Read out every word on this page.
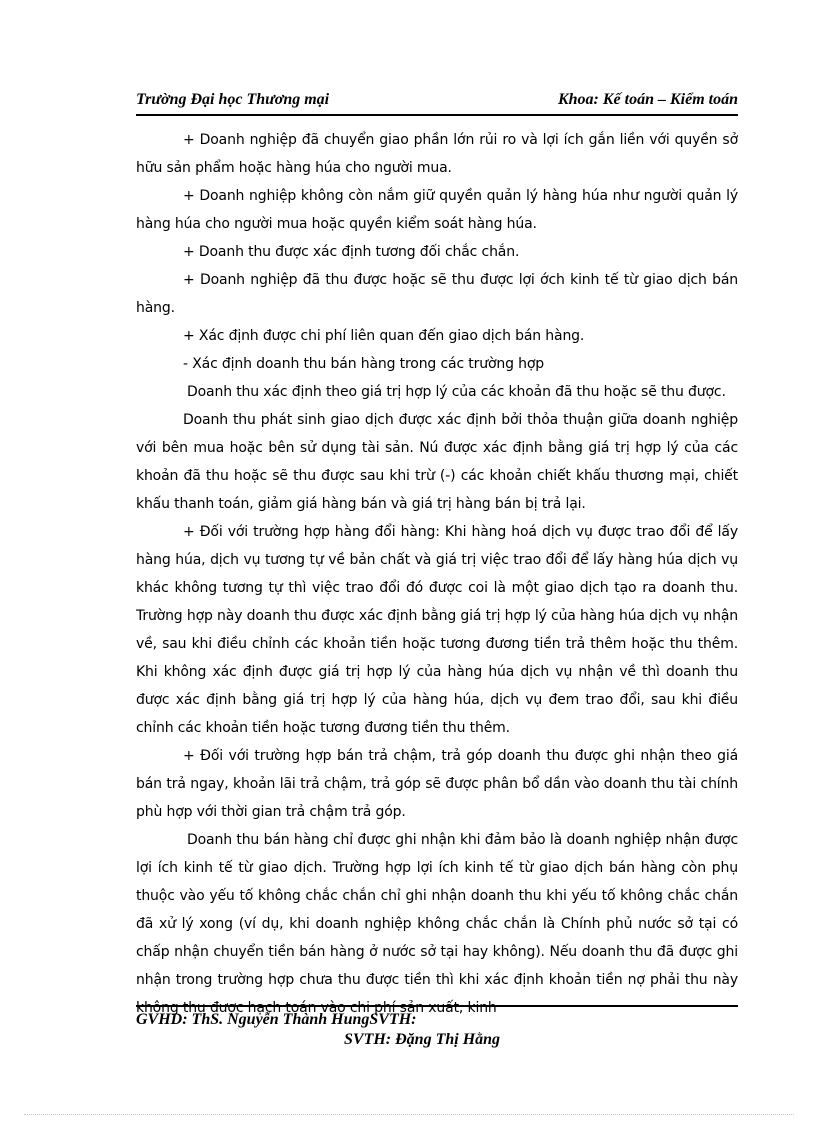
Trường Đại học Thương mại	Khoa: Kế toán – Kiểm toán

+ Doanh nghiệp đã chuyển giao phần lớn rủi ro và lợi ích gắn liền với quyền sở hữu sản phẩm hoặc hàng húa cho người mua.

+ Doanh nghiệp không còn nắm giữ quyền quản lý hàng húa như người quản lý hàng húa cho người mua hoặc quyền kiểm soát hàng húa.

+ Doanh thu được xác định tương đối chắc chắn.

+ Doanh nghiệp đã thu được hoặc sẽ thu được lợi ớch kinh tế từ giao dịch bán hàng.

+ Xác định được chi phí liên quan đến giao dịch bán hàng.

- Xác định doanh thu bán hàng trong các trường hợp

Doanh thu xác định theo giá trị hợp lý của các khoản đã thu hoặc sẽ thu được.

Doanh thu phát sinh giao dịch được xác định bởi thỏa thuận giữa doanh nghiệp với bên mua hoặc bên sử dụng tài sản. Nú được xác định bằng giá trị hợp lý của các khoản đã thu hoặc sẽ thu được sau khi trừ (-) các khoản chiết khấu thương mại, chiết khấu thanh toán, giảm giá hàng bán và giá trị hàng bán bị trả lại.

+ Đối với trường hợp hàng đổi hàng: Khi hàng hoá dịch vụ được trao đổi để lấy hàng húa, dịch vụ tương tự về bản chất và giá trị việc trao đổi để lấy hàng húa dịch vụ khác không tương tự thì việc trao đổi đó được coi là một giao dịch tạo ra doanh thu. Trường hợp này doanh thu được xác định bằng giá trị hợp lý của hàng húa dịch vụ nhận về, sau khi điều chỉnh các khoản tiền hoặc tương đương tiền trả thêm hoặc thu thêm. Khi không xác định được giá trị hợp lý của hàng húa dịch vụ nhận về thì doanh thu được xác định bằng giá trị hợp lý của hàng húa, dịch vụ đem trao đổi, sau khi điều chỉnh các khoản tiền hoặc tương đương tiền thu thêm.

+ Đối với trường hợp bán trả chậm, trả góp doanh thu được ghi nhận theo giá bán trả ngay, khoản lãi trả chậm, trả góp sẽ được phân bổ dần vào doanh thu tài chính phù hợp với thời gian trả chậm trả góp.

Doanh thu bán hàng chỉ được ghi nhận khi đảm bảo là doanh nghiệp nhận được lợi ích kinh tế từ giao dịch. Trường hợp lợi ích kinh tế từ giao dịch bán hàng còn phụ thuộc vào yếu tố không chắc chắn chỉ ghi nhận doanh thu khi yếu tố không chắc chắn đã xử lý xong (ví dụ, khi doanh nghiệp không chắc chắn là Chính phủ nước sở tại có chấp nhận chuyển tiền bán hàng ở nước sở tại hay không). Nếu doanh thu đã được ghi nhận trong trường hợp chưa thu được tiền thì khi xác định khoản tiền nợ phải thu này không thu được hạch toán vào chi phí sản xuất, kinh

GVHD: ThS. Nguyễn Thành HungSVTH:
SVTH: Đặng Thị Hằng
